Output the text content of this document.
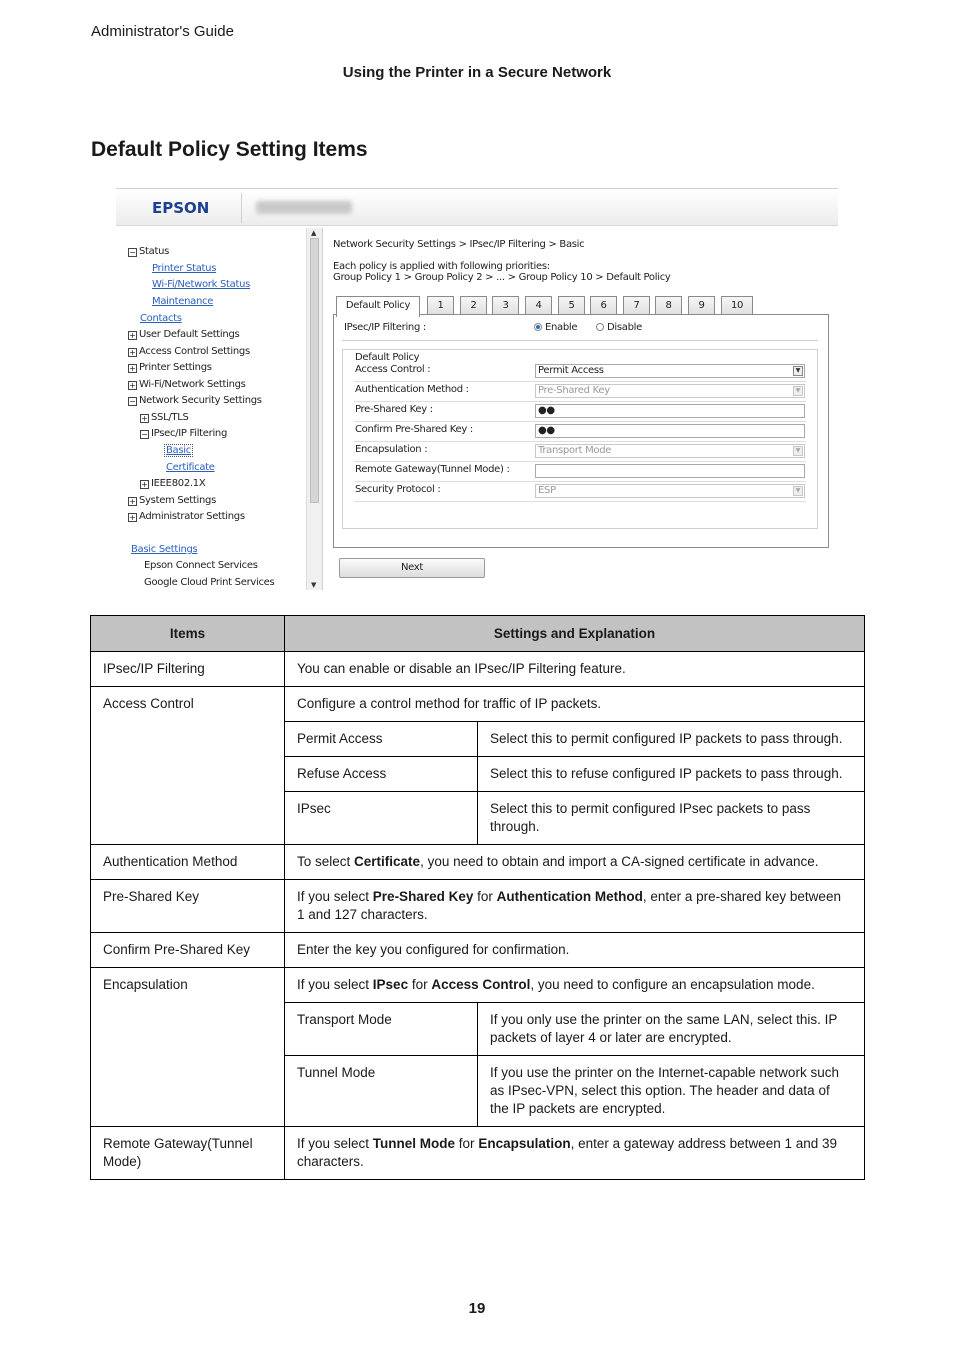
Administrator's Guide
Using the Printer in a Secure Network
Default Policy Setting Items
EPSON
− Status
Printer Status
Wi-Fi/Network Status
Maintenance
Contacts
+ User Default Settings
+ Access Control Settings
+ Printer Settings
+ Wi-Fi/Network Settings
− Network Security Settings
+ SSL/TLS
− IPsec/IP Filtering
Basic
Certificate
+ IEEE802.1X
+ System Settings
+ Administrator Settings
Basic Settings
Epson Connect Services
Google Cloud Print Services
▲
▼
Network Security Settings > IPsec/IP Filtering > Basic
Each policy is applied with following priorities:
Group Policy 1 > Group Policy 2 > ... > Group Policy 10 > Default Policy
Default Policy	1	2	3	4	5	6	7	8	9	10
IPsec/IP Filtering :	Enable	Disable
Default Policy
Access Control :	Permit Access	▼
Authentication Method :	Pre-Shared Key	▼
Pre-Shared Key :	●●
Confirm Pre-Shared Key :	●●
Encapsulation :	Transport Mode	▼
Remote Gateway(Tunnel Mode) :
Security Protocol :	ESP	▼
Next
Items	Settings and Explanation	
IPsec/IP Filtering	You can enable or disable an IPsec/IP Filtering feature.	
Access Control	Configure a control method for traffic of IP packets.	
	Permit Access	Select this to permit configured IP packets to pass through.
	Refuse Access	Select this to refuse configured IP packets to pass through.
	IPsec	Select this to permit configured IPsec packets to pass through.
Authentication Method	To select Certificate, you need to obtain and import a CA-signed certificate in advance.	
Pre-Shared Key	If you select Pre-Shared Key for Authentication Method, enter a pre-shared key between 1 and 127 characters.	
Confirm Pre-Shared Key	Enter the key you configured for confirmation.	
Encapsulation	If you select IPsec for Access Control, you need to configure an encapsulation mode.	
	Transport Mode	If you only use the printer on the same LAN, select this. IP packets of layer 4 or later are encrypted.
	Tunnel Mode	If you use the printer on the Internet-capable network such as IPsec-VPN, select this option. The header and data of the IP packets are encrypted.
Remote Gateway(Tunnel Mode)	If you select Tunnel Mode for Encapsulation, enter a gateway address between 1 and 39 characters.	
19
